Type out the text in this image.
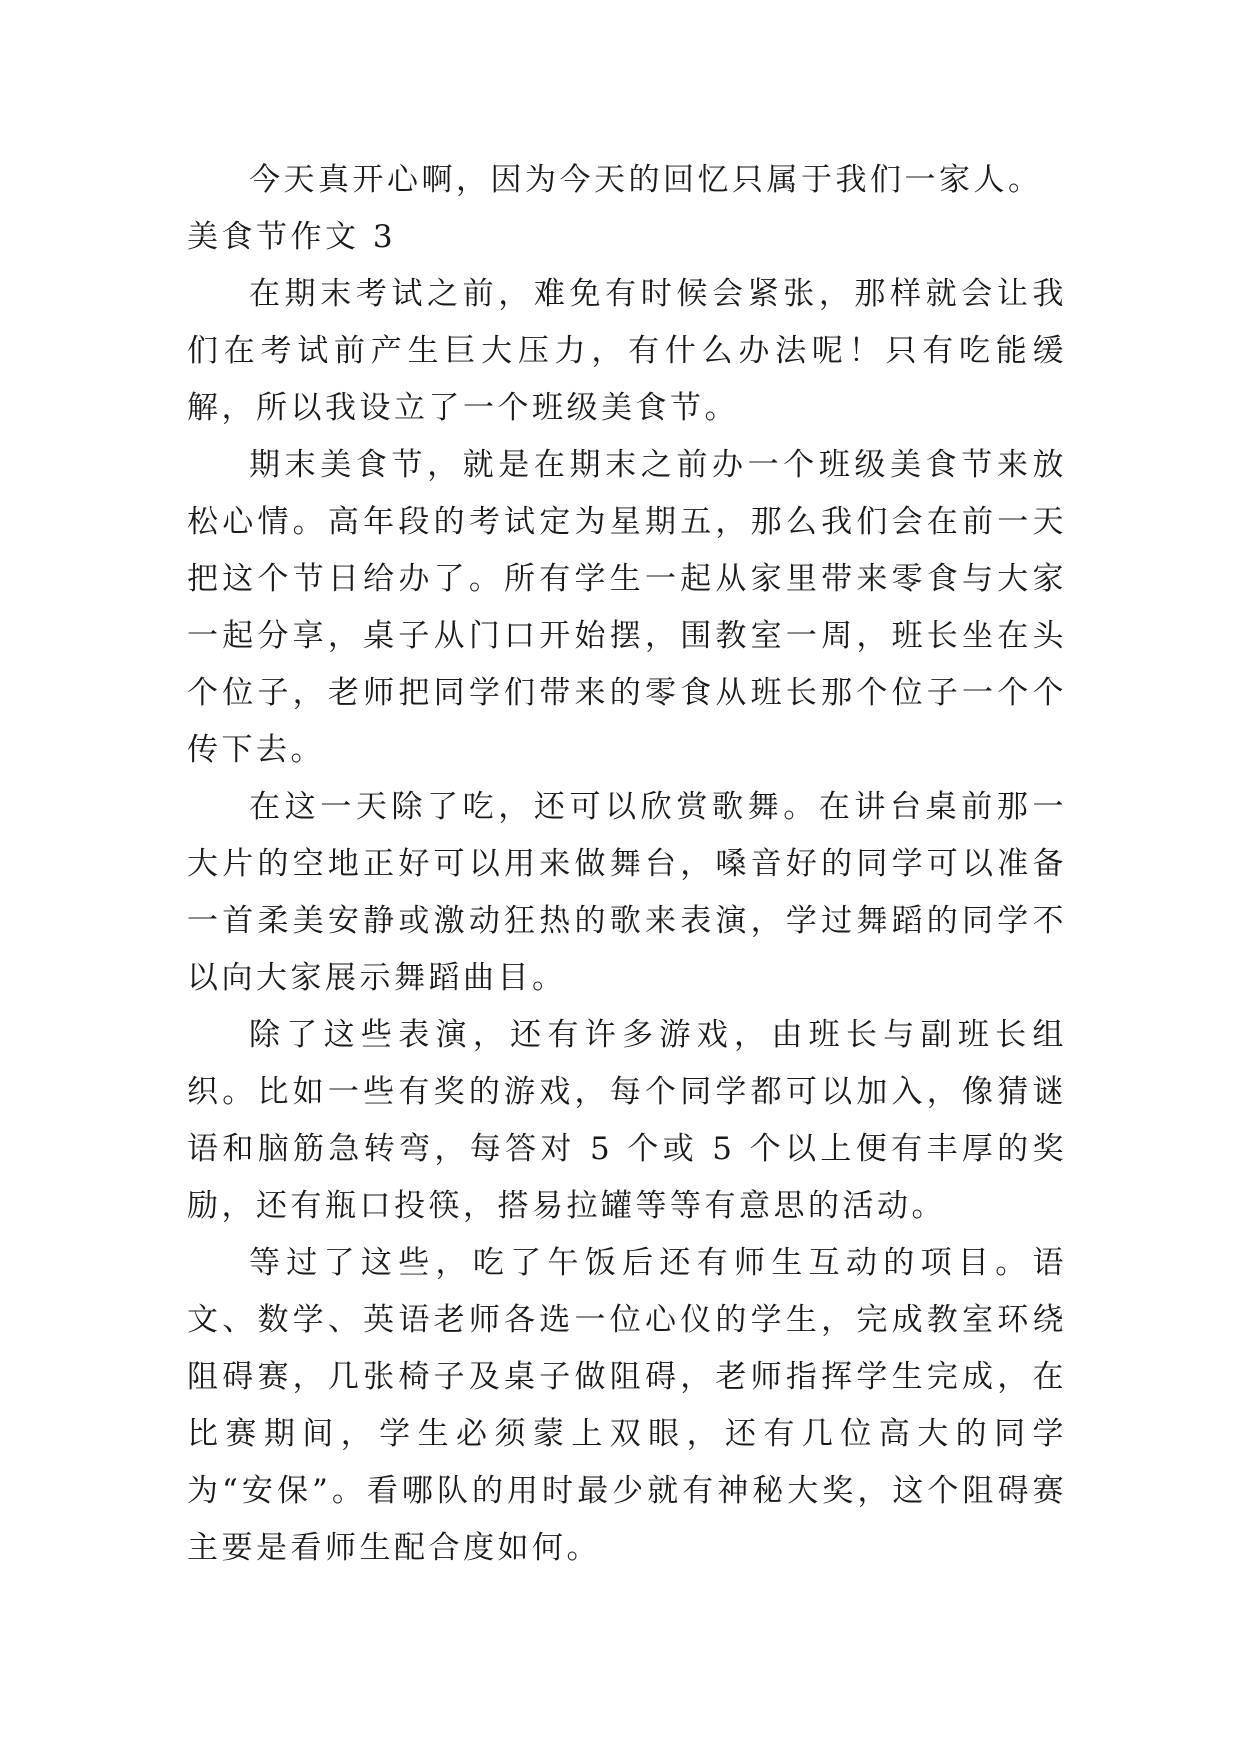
今天真开心啊，因为今天的回忆只属于我们一家人。

美食节作文 3

在期末考试之前，难免有时候会紧张，那样就会让我们在考试前产生巨大压力，有什么办法呢！只有吃能缓解，所以我设立了一个班级美食节。

期末美食节，就是在期末之前办一个班级美食节来放松心情。高年段的考试定为星期五，那么我们会在前一天把这个节日给办了。所有学生一起从家里带来零食与大家一起分享，桌子从门口开始摆，围教室一周，班长坐在头个位子，老师把同学们带来的零食从班长那个位子一个个传下去。

在这一天除了吃，还可以欣赏歌舞。在讲台桌前那一大片的空地正好可以用来做舞台，嗓音好的同学可以准备一首柔美安静或激动狂热的歌来表演，学过舞蹈的同学不以向大家展示舞蹈曲目。

除了这些表演，还有许多游戏，由班长与副班长组织。比如一些有奖的游戏，每个同学都可以加入，像猜谜语和脑筋急转弯，每答对 5 个或 5 个以上便有丰厚的奖励，还有瓶口投筷，搭易拉罐等等有意思的活动。

等过了这些，吃了午饭后还有师生互动的项目。语文、数学、英语老师各选一位心仪的学生，完成教室环绕阻碍赛，几张椅子及桌子做阻碍，老师指挥学生完成，在比赛期间，学生必须蒙上双眼，还有几位高大的同学为“安保”。看哪队的用时最少就有神秘大奖，这个阻碍赛主要是看师生配合度如何。
